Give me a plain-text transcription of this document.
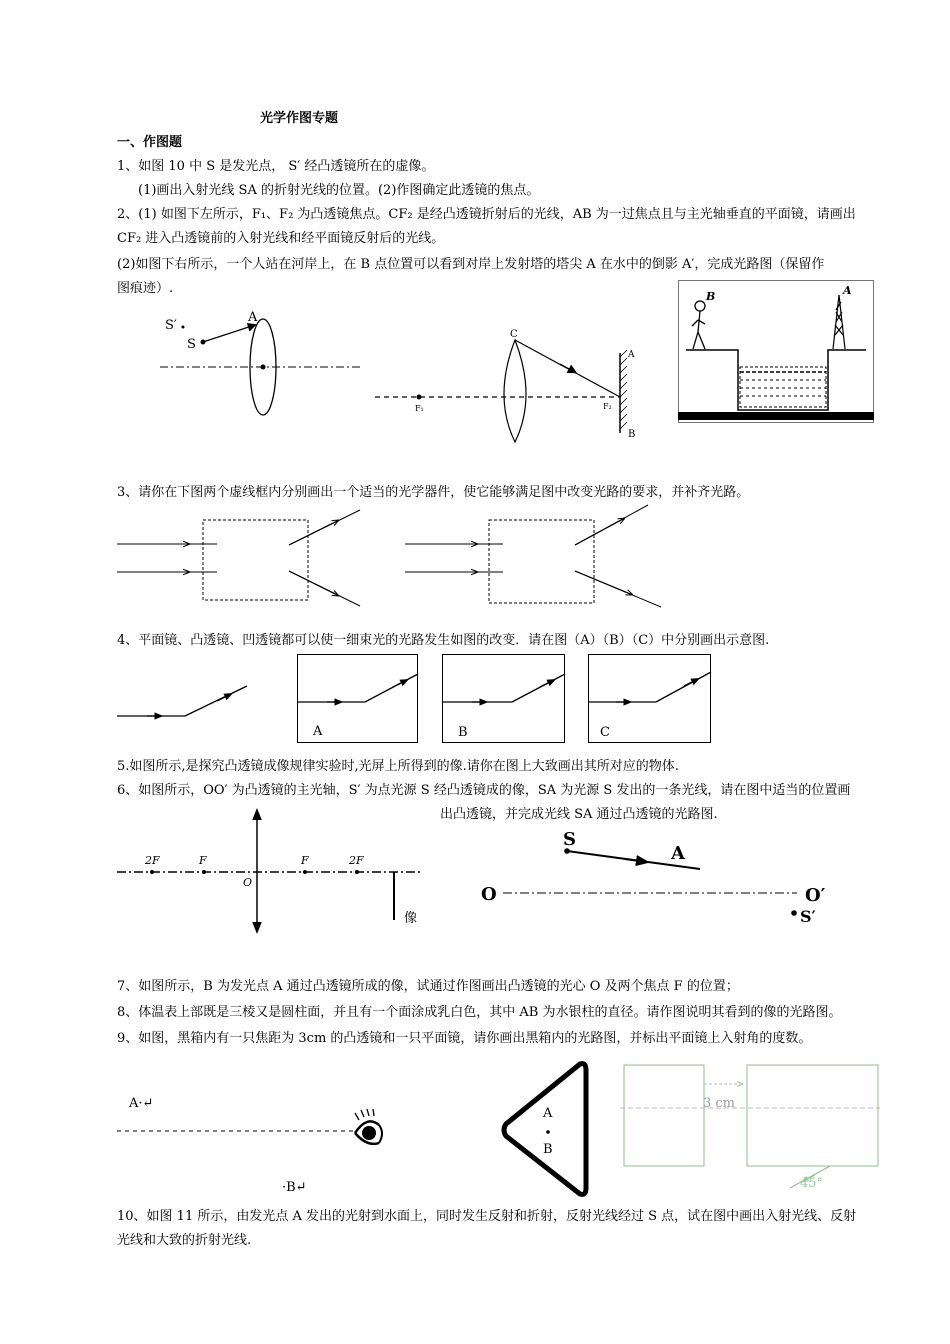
光学作图专题
一、作图题
1、如图 10 中 S 是发光点， S′ 经凸透镜所在的虚像。
(1)画出入射光线 SA 的折射光线的位置。(2)作图确定此透镜的焦点。
2、(1) 如图下左所示，F₁、F₂ 为凸透镜焦点。CF₂ 是经凸透镜折射后的光线，AB 为一过焦点且与主光轴垂直的平面镜，请画出
CF₂ 进入凸透镜前的入射光线和经平面镜反射后的光线。
(2)如图下右所示，一个人站在河岸上，在 B 点位置可以看到对岸上发射塔的塔尖 A 在水中的倒影 A′，完成光路图（保留作
图痕迹）.
S′
S
A
C
F₁	F₂
A
B
B	A
3、请你在下图两个虚线框内分别画出一个适当的光学器件，使它能够满足图中改变光路的要求，并补齐光路。
4、平面镜、凸透镜、凹透镜都可以使一细束光的光路发生如图的改变．请在图（A）（B）（C）中分别画出示意图.
A	B	C
5.如图所示,是探究凸透镜成像规律实验时,光屏上所得到的像.请你在图上大致画出其所对应的物体.
6、如图所示，OO′ 为凸透镜的主光轴，S′ 为点光源 S 经凸透镜成的像，SA 为光源 S 发出的一条光线，请在图中适当的位置画
出凸透镜，并完成光线 SA 通过凸透镜的光路图.
2F	F
O
F	2F
像
S
A
O	O′
S′
7、如图所示，B 为发光点 A 通过凸透镜所成的像，试通过作图画出凸透镜的光心 O 及两个焦点 F 的位置；
8、体温表上部既是三棱又是圆柱面，并且有一个面涂成乳白色，其中 AB 为水银柱的直径。请作图说明其看到的像的光路图。
9、如图，黑箱内有一只焦距为 3cm 的凸透镜和一只平面镜，请你画出黑箱内的光路图，并标出平面镜上入射角的度数。
A·↵
·B↵
A
B
3 cm
45°
10、如图 11 所示，由发光点 A 发出的光射到水面上，同时发生反射和折射，反射光线经过 S 点，试在图中画出入射光线、反射
光线和大致的折射光线.
